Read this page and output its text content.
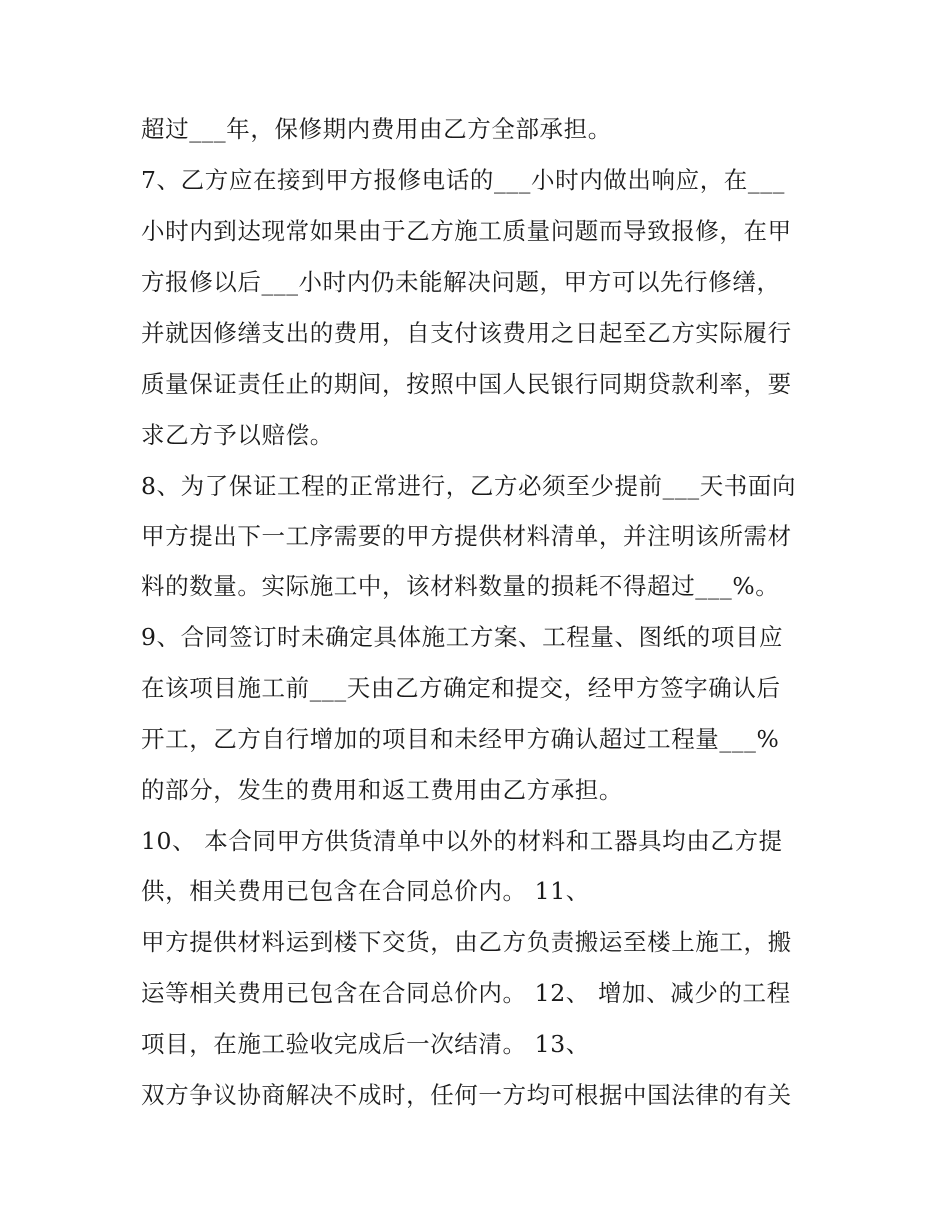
超过___年，保修期内费用由乙方全部承担。
7、乙方应在接到甲方报修电话的___小时内做出响应，在___
小时内到达现常如果由于乙方施工质量问题而导致报修，在甲
方报修以后___小时内仍未能解决问题，甲方可以先行修缮，
并就因修缮支出的费用，自支付该费用之日起至乙方实际履行
质量保证责任止的期间，按照中国人民银行同期贷款利率，要
求乙方予以赔偿。
8、为了保证工程的正常进行，乙方必须至少提前___天书面向
甲方提出下一工序需要的甲方提供材料清单，并注明该所需材
料的数量。实际施工中，该材料数量的损耗不得超过___%。
9、合同签订时未确定具体施工方案、工程量、图纸的项目应
在该项目施工前___天由乙方确定和提交，经甲方签字确认后
开工，乙方自行增加的项目和未经甲方确认超过工程量___%
的部分，发生的费用和返工费用由乙方承担。
10、 本合同甲方供货清单中以外的材料和工器具均由乙方提
供，相关费用已包含在合同总价内。 11、
甲方提供材料运到楼下交货，由乙方负责搬运至楼上施工，搬
运等相关费用已包含在合同总价内。 12、 增加、减少的工程
项目，在施工验收完成后一次结清。 13、
双方争议协商解决不成时，任何一方均可根据中国法律的有关
